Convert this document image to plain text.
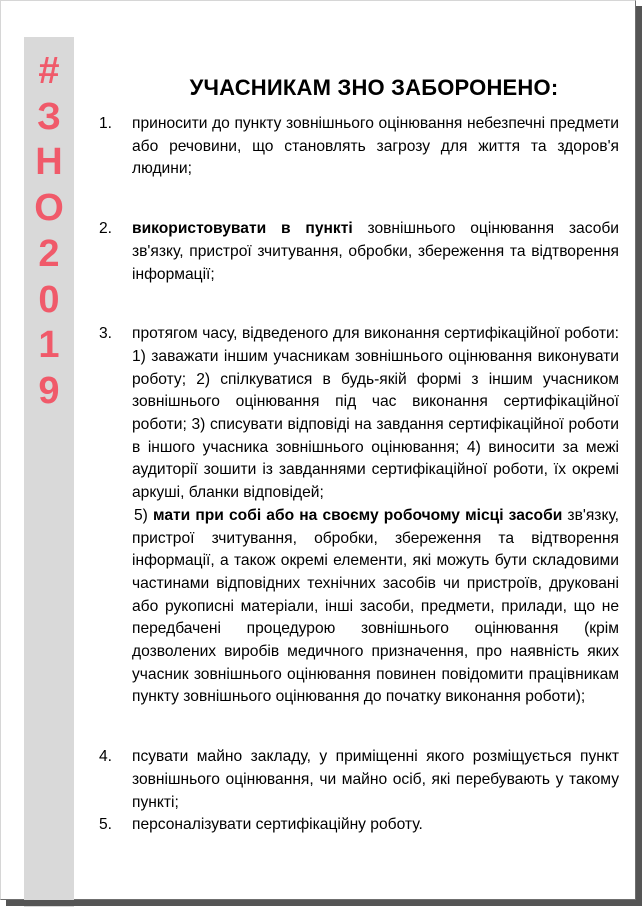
#
З
Н
О
2
0
1
9
УЧАСНИКАМ ЗНО ЗАБОРОНЕНО:
1.	приносити до пункту зовнішнього оцінювання небезпечні предмети або речовини, що становлять загрозу для життя та здоров'я людини;
2.	використовувати в пункті зовнішнього оцінювання засоби зв'язку, пристрої зчитування, обробки, збереження та відтворення інформації;
3.	протягом часу, відведеного для виконання сертифікаційної роботи: 1) заважати іншим учасникам зовнішнього оцінювання виконувати роботу; 2) спілкуватися в будь-якій формі з іншим учасником зовнішнього оцінювання під час виконання сертифікаційної роботи; 3) списувати відповіді на завдання сертифікаційної роботи в іншого учасника зовнішнього оцінювання; 4) виносити за межі аудиторії зошити із завданнями сертифікаційної роботи, їх окремі аркуші, бланки відповідей;
5) мати при собі або на своєму робочому місці засоби зв'язку, пристрої зчитування, обробки, збереження та відтворення інформації, а також окремі елементи, які можуть бути складовими частинами відповідних технічних засобів чи пристроїв, друковані або рукописні матеріали, інші засоби, предмети, прилади, що не передбачені процедурою зовнішнього оцінювання (крім дозволених виробів медичного призначення, про наявність яких учасник зовнішнього оцінювання повинен повідомити працівникам пункту зовнішнього оцінювання до початку виконання роботи);
4.	псувати майно закладу, у приміщенні якого розміщується пункт зовнішнього оцінювання, чи майно осіб, які перебувають у такому пункті;
5.	персоналізувати сертифікаційну роботу.
